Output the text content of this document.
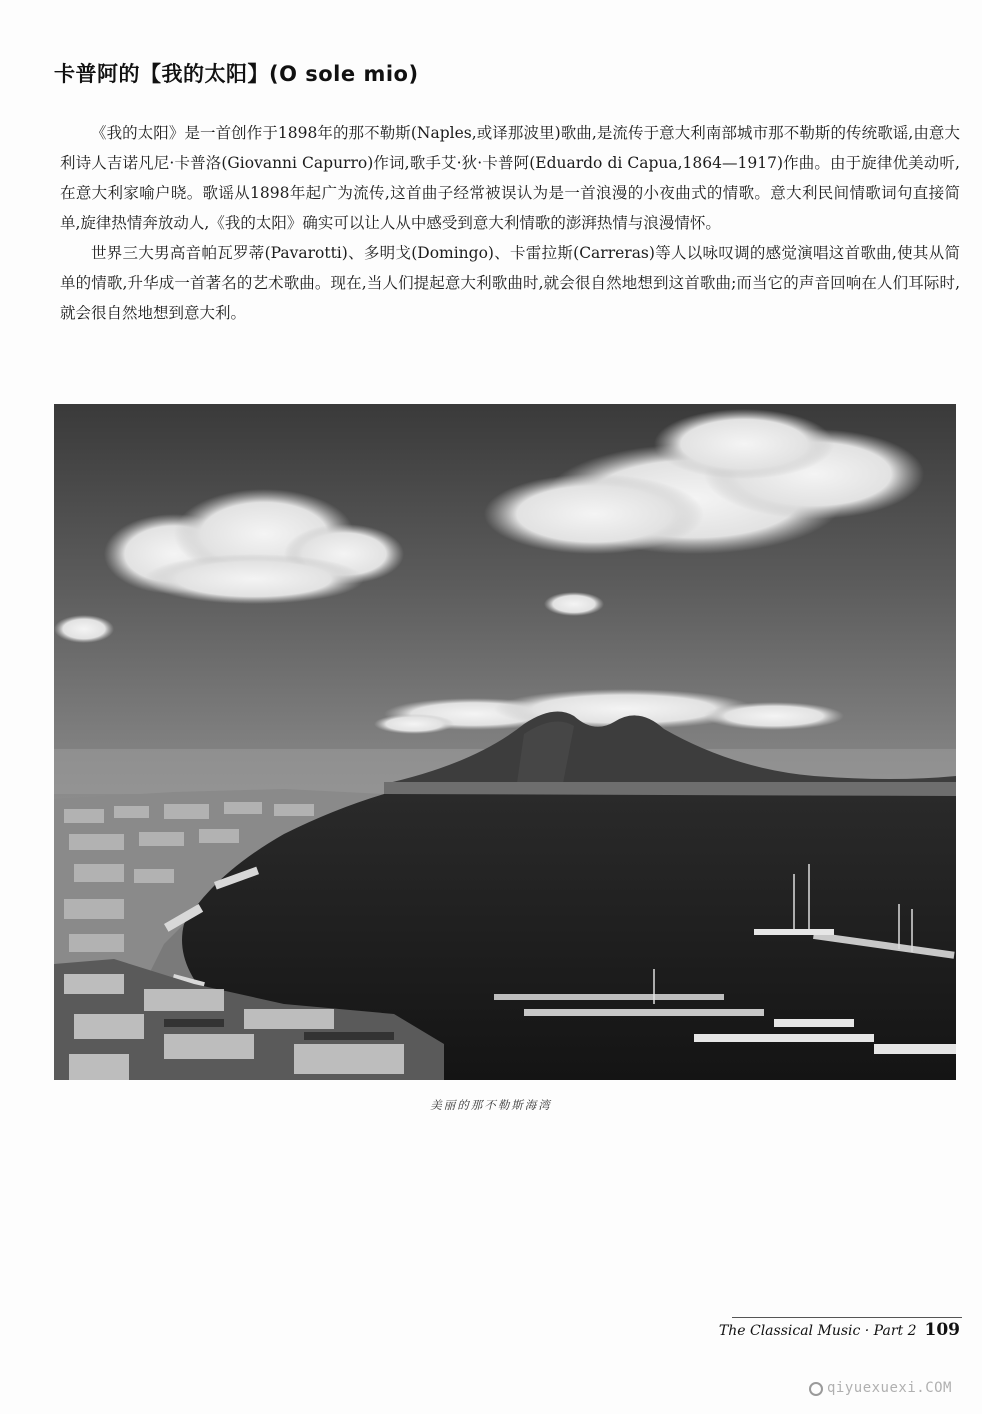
卡普阿的【我的太阳】(O sole mio)

《我的太阳》是一首创作于1898年的那不勒斯(Naples,或译那波里)歌曲,是流传于意大利南部城市那不勒斯的传统歌谣,由意大利诗人吉诺凡尼·卡普洛(Giovanni Capurro)作词,歌手艾·狄·卡普阿(Eduardo di Capua,1864—1917)作曲。由于旋律优美动听,在意大利家喻户晓。歌谣从1898年起广为流传,这首曲子经常被误认为是一首浪漫的小夜曲式的情歌。意大利民间情歌词句直接简单,旋律热情奔放动人,《我的太阳》确实可以让人从中感受到意大利情歌的澎湃热情与浪漫情怀。

世界三大男高音帕瓦罗蒂(Pavarotti)、多明戈(Domingo)、卡雷拉斯(Carreras)等人以咏叹调的感觉演唱这首歌曲,使其从简单的情歌,升华成一首著名的艺术歌曲。现在,当人们提起意大利歌曲时,就会很自然地想到这首歌曲;而当它的声音回响在人们耳际时,就会很自然地想到意大利。

美丽的那不勒斯海湾
The Classical Music · Part 2 109
qiyuexuexi.COM
